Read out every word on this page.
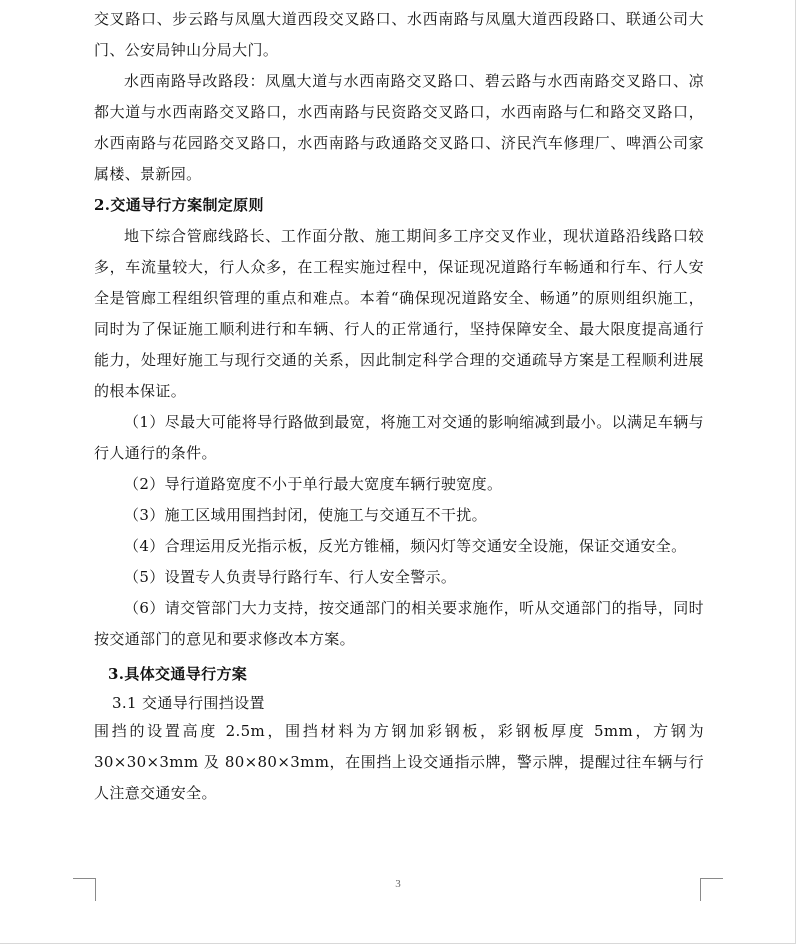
交叉路口、步云路与凤凰大道西段交叉路口、水西南路与凤凰大道西段路口、联通公司大门、公安局钟山分局大门。

水西南路导改路段：凤凰大道与水西南路交叉路口、碧云路与水西南路交叉路口、凉都大道与水西南路交叉路口，水西南路与民资路交叉路口，水西南路与仁和路交叉路口，水西南路与花园路交叉路口，水西南路与政通路交叉路口、济民汽车修理厂、啤酒公司家属楼、景新园。

2.交通导行方案制定原则

地下综合管廊线路长、工作面分散、施工期间多工序交叉作业，现状道路沿线路口较多，车流量较大，行人众多，在工程实施过程中，保证现况道路行车畅通和行车、行人安全是管廊工程组织管理的重点和难点。本着“确保现况道路安全、畅通”的原则组织施工，同时为了保证施工顺利进行和车辆、行人的正常通行，坚持保障安全、最大限度提高通行能力，处理好施工与现行交通的关系，因此制定科学合理的交通疏导方案是工程顺利进展的根本保证。

（1）尽最大可能将导行路做到最宽，将施工对交通的影响缩减到最小。以满足车辆与行人通行的条件。

（2）导行道路宽度不小于单行最大宽度车辆行驶宽度。

（3）施工区域用围挡封闭，使施工与交通互不干扰。

（4）合理运用反光指示板，反光方锥桶，频闪灯等交通安全设施，保证交通安全。

（5）设置专人负责导行路行车、行人安全警示。

（6）请交管部门大力支持，按交通部门的相关要求施作，听从交通部门的指导，同时按交通部门的意见和要求修改本方案。

3.具体交通导行方案

3.1 交通导行围挡设置

围挡的设置高度 2.5m，围挡材料为方钢加彩钢板，彩钢板厚度 5mm，方钢为 30×30×3mm 及 80×80×3mm，在围挡上设交通指示牌，警示牌，提醒过往车辆与行人注意交通安全。

3
